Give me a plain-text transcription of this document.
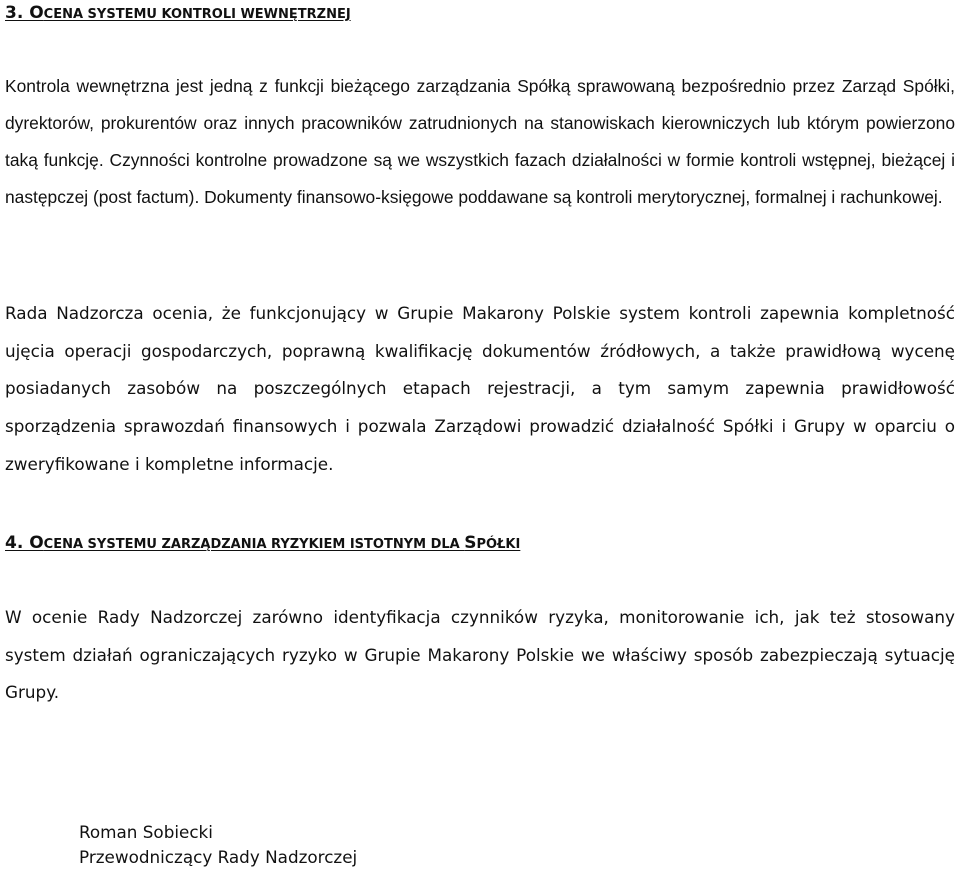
3. OCENA SYSTEMU KONTROLI WEWNĘTRZNEJ

Kontrola wewnętrzna jest jedną z funkcji bieżącego zarządzania Spółką sprawowaną bezpośrednio przez Zarząd Spółki, dyrektorów, prokurentów oraz innych pracowników zatrudnionych na stanowiskach kierowniczych lub którym powierzono taką funkcję. Czynności kontrolne prowadzone są we wszystkich fazach działalności w formie kontroli wstępnej, bieżącej i następczej (post factum). Dokumenty finansowo-księgowe poddawane są kontroli merytorycznej, formalnej i rachunkowej.

Rada Nadzorcza ocenia, że funkcjonujący w Grupie Makarony Polskie system kontroli zapewnia kompletność ujęcia operacji gospodarczych, poprawną kwalifikację dokumentów źródłowych, a także prawidłową wycenę posiadanych zasobów na poszczególnych etapach rejestracji, a tym samym zapewnia prawidłowość sporządzenia sprawozdań finansowych i pozwala Zarządowi prowadzić działalność Spółki i Grupy w oparciu o zweryfikowane i kompletne informacje.

4. OCENA SYSTEMU ZARZĄDZANIA RYZYKIEM ISTOTNYM DLA SPÓŁKI

W ocenie Rady Nadzorczej zarówno identyfikacja czynników ryzyka, monitorowanie ich, jak też stosowany system działań ograniczających ryzyko w Grupie Makarony Polskie we właściwy sposób zabezpieczają sytuację Grupy.

Roman Sobiecki
Przewodniczący Rady Nadzorczej
